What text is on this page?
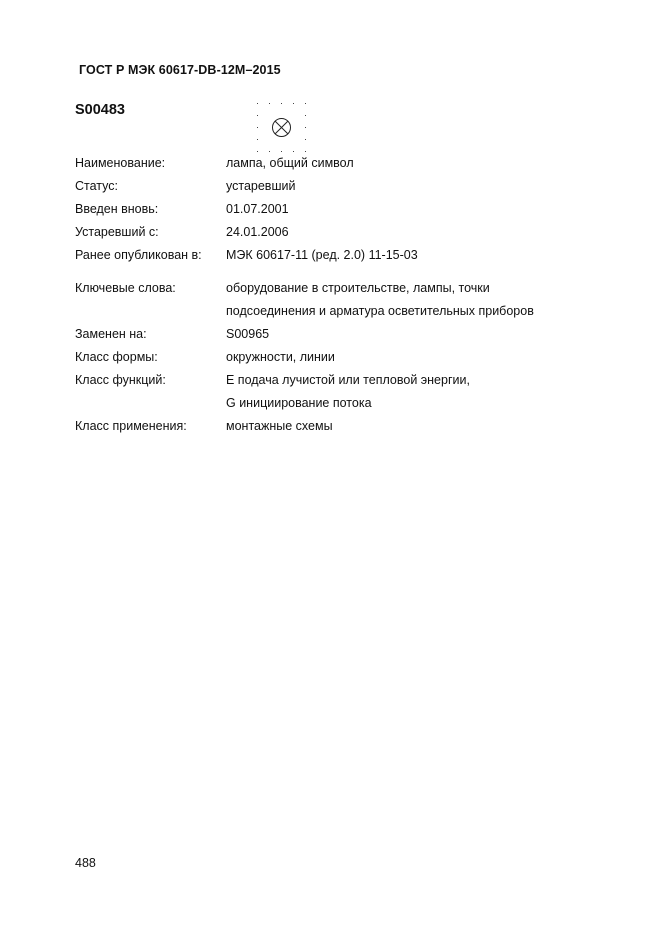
ГОСТ Р МЭК 60617-DB-12M–2015
S00483
Наименование:	лампа, общий символ
Статус:	устаревший
Введен вновь:	01.07.2001
Устаревший с:	24.01.2006
Ранее опубликован в:	МЭК 60617-11 (ред. 2.0) 11-15-03
Ключевые слова:	оборудование в строительстве, лампы, точки
подсоединения и арматура осветительных приборов
Заменен на:	S00965
Класс формы:	окружности, линии
Класс функций:	Е подача лучистой или тепловой энергии,
G инициирование потока
Класс применения:	монтажные схемы
488
